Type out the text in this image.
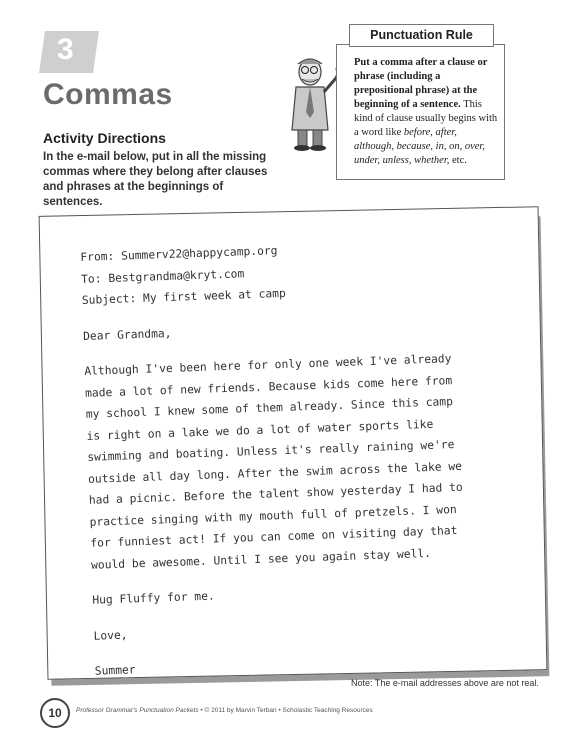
3
Commas
Activity Directions
In the e-mail below, put in all the missing commas where they belong after clauses and phrases at the beginnings of sentences.
Punctuation Rule
Put a comma after a clause or phrase (including a prepositional phrase) at the beginning of a sentence. This kind of clause usually begins with a word like before, after, although, because, in, on, over, under, unless, whether, etc.
From: Summerv22@happycamp.org
To: Bestgrandma@kryt.com
Subject: My first week at camp
Dear Grandma,
Although I've been here for only one week I've already
made a lot of new friends. Because kids come here from
my school I knew some of them already. Since this camp
is right on a lake we do a lot of water sports like
swimming and boating. Unless it's really raining we're
outside all day long. After the swim across the lake we
had a picnic. Before the talent show yesterday I had to
practice singing with my mouth full of pretzels. I won
for funniest act! If you can come on visiting day that
would be awesome. Until I see you again stay well.
Hug Fluffy for me.
Love,
Summer
Note: The e-mail addresses above are not real.
10	Professor Grammar's Punctuation Packets • © 2011 by Marvin Terban • Scholastic Teaching Resources
